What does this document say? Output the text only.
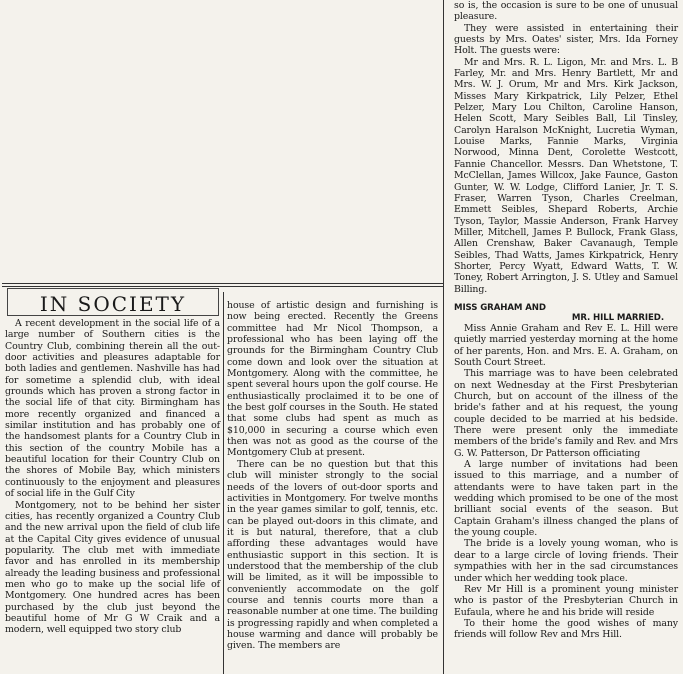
IN SOCIETY

A recent development in the social life of a large number of Southern cities is the Country Club, combining therein all the out-door activities and pleasures adaptable for both ladies and gentlemen. Nashville has had for sometime a splendid club, with ideal grounds which has proven a strong factor in the social life of that city. Birmingham has more recently organized and financed a similar institution and has probably one of the handsomest plants for a Country Club in this section of the country Mobile has a beautiful location for their Country Club on the shores of Mobile Bay, which ministers continuously to the enjoyment and pleasures of social life in the Gulf City

Montgomery, not to be behind her sister cities, has recently organized a Country Club and the new arrival upon the field of club life at the Capital City gives evidence of unusual popularity. The club met with immediate favor and has enrolled in its membership already the leading business and professional men who go to make up the social life of Montgomery. One hundred acres has been purchased by the club just beyond the beautiful home of Mr G W Craik and a modern, well equipped two story club

house of artistic design and furnishing is now being erected. Recently the Greens committee had Mr Nicol Thompson, a professional who has been laying off the grounds for the Birmingham Country Club come down and look over the situation at Montgomery. Along with the committee, he spent several hours upon the golf course. He enthusiastically proclaimed it to be one of the best golf courses in the South. He stated that some clubs had spent as much as $10,000 in securing a course which even then was not as good as the course of the Montgomery Club at present.

There can be no question but that this club will minister strongly to the social needs of the lovers of out-door sports and activities in Montgomery. For twelve months in the year games similar to golf, tennis, etc. can be played out-doors in this climate, and it is but natural, therefore, that a club affording these advantages would have enthusiastic support in this section. It is understood that the membership of the club will be limited, as it will be impossible to conveniently accommodate on the golf course and tennis courts more than a reasonable number at one time. The building is progressing rapidly and when completed a house warming and dance will probably be given. The members are

so is, the occasion is sure to be one of unusual pleasure.

They were assisted in entertaining their guests by Mrs. Oates' sister, Mrs. Ida Forney Holt. The guests were:

Mr and Mrs. R. L. Ligon, Mr. and Mrs. L. B Farley, Mr. and Mrs. Henry Bartlett, Mr and Mrs. W. J. Orum, Mr and Mrs. Kirk Jackson, Misses Mary Kirkpatrick, Lily Pelzer, Ethel Pelzer, Mary Lou Chilton, Caroline Hanson, Helen Scott, Mary Seibles Ball, Lil Tinsley, Carolyn Haralson McKnight, Lucretia Wyman, Louise Marks, Fannie Marks, Virginia Norwood, Minna Dent, Corolette Westcott, Fannie Chancellor. Messrs. Dan Whetstone, T. McClellan, James Willcox, Jake Faunce, Gaston Gunter, W. W. Lodge, Clifford Lanier, Jr. T. S. Fraser, Warren Tyson, Charles Creelman, Emmett Seibles, Shepard Roberts, Archie Tyson, Taylor, Massie Anderson, Frank Harvey Miller, Mitchell, James P. Bullock, Frank Glass, Allen Crenshaw, Baker Cavanaugh, Temple Seibles, Thad Watts, James Kirkpatrick, Henry Shorter, Percy Wyatt, Edward Watts, T. W. Toney, Robert Arrington, J. S. Utley and Samuel Billing.

MISS GRAHAM AND

MR. HILL MARRIED.

Miss Annie Graham and Rev E. L. Hill were quietly married yesterday morning at the home of her parents, Hon. and Mrs. E. A. Graham, on South Court Street.

This marriage was to have been celebrated on next Wednesday at the First Presbyterian Church, but on account of the illness of the bride's father and at his request, the young couple decided to be married at his bedside. There were present only the immediate members of the bride's family and Rev. and Mrs G. W. Patterson, Dr Patterson officiating

A large number of invitations had been issued to this marriage, and a number of attendants were to have taken part in the wedding which promised to be one of the most brilliant social events of the season. But Captain Graham's illness changed the plans of the young couple.

The bride is a lovely young woman, who is dear to a large circle of loving friends. Their sympathies with her in the sad circumstances under which her wedding took place.

Rev Mr Hill is a prominent young minister who is pastor of the Presbyterian Church in Eufaula, where he and his bride will reside

To their home the good wishes of many friends will follow Rev and Mrs Hill.
